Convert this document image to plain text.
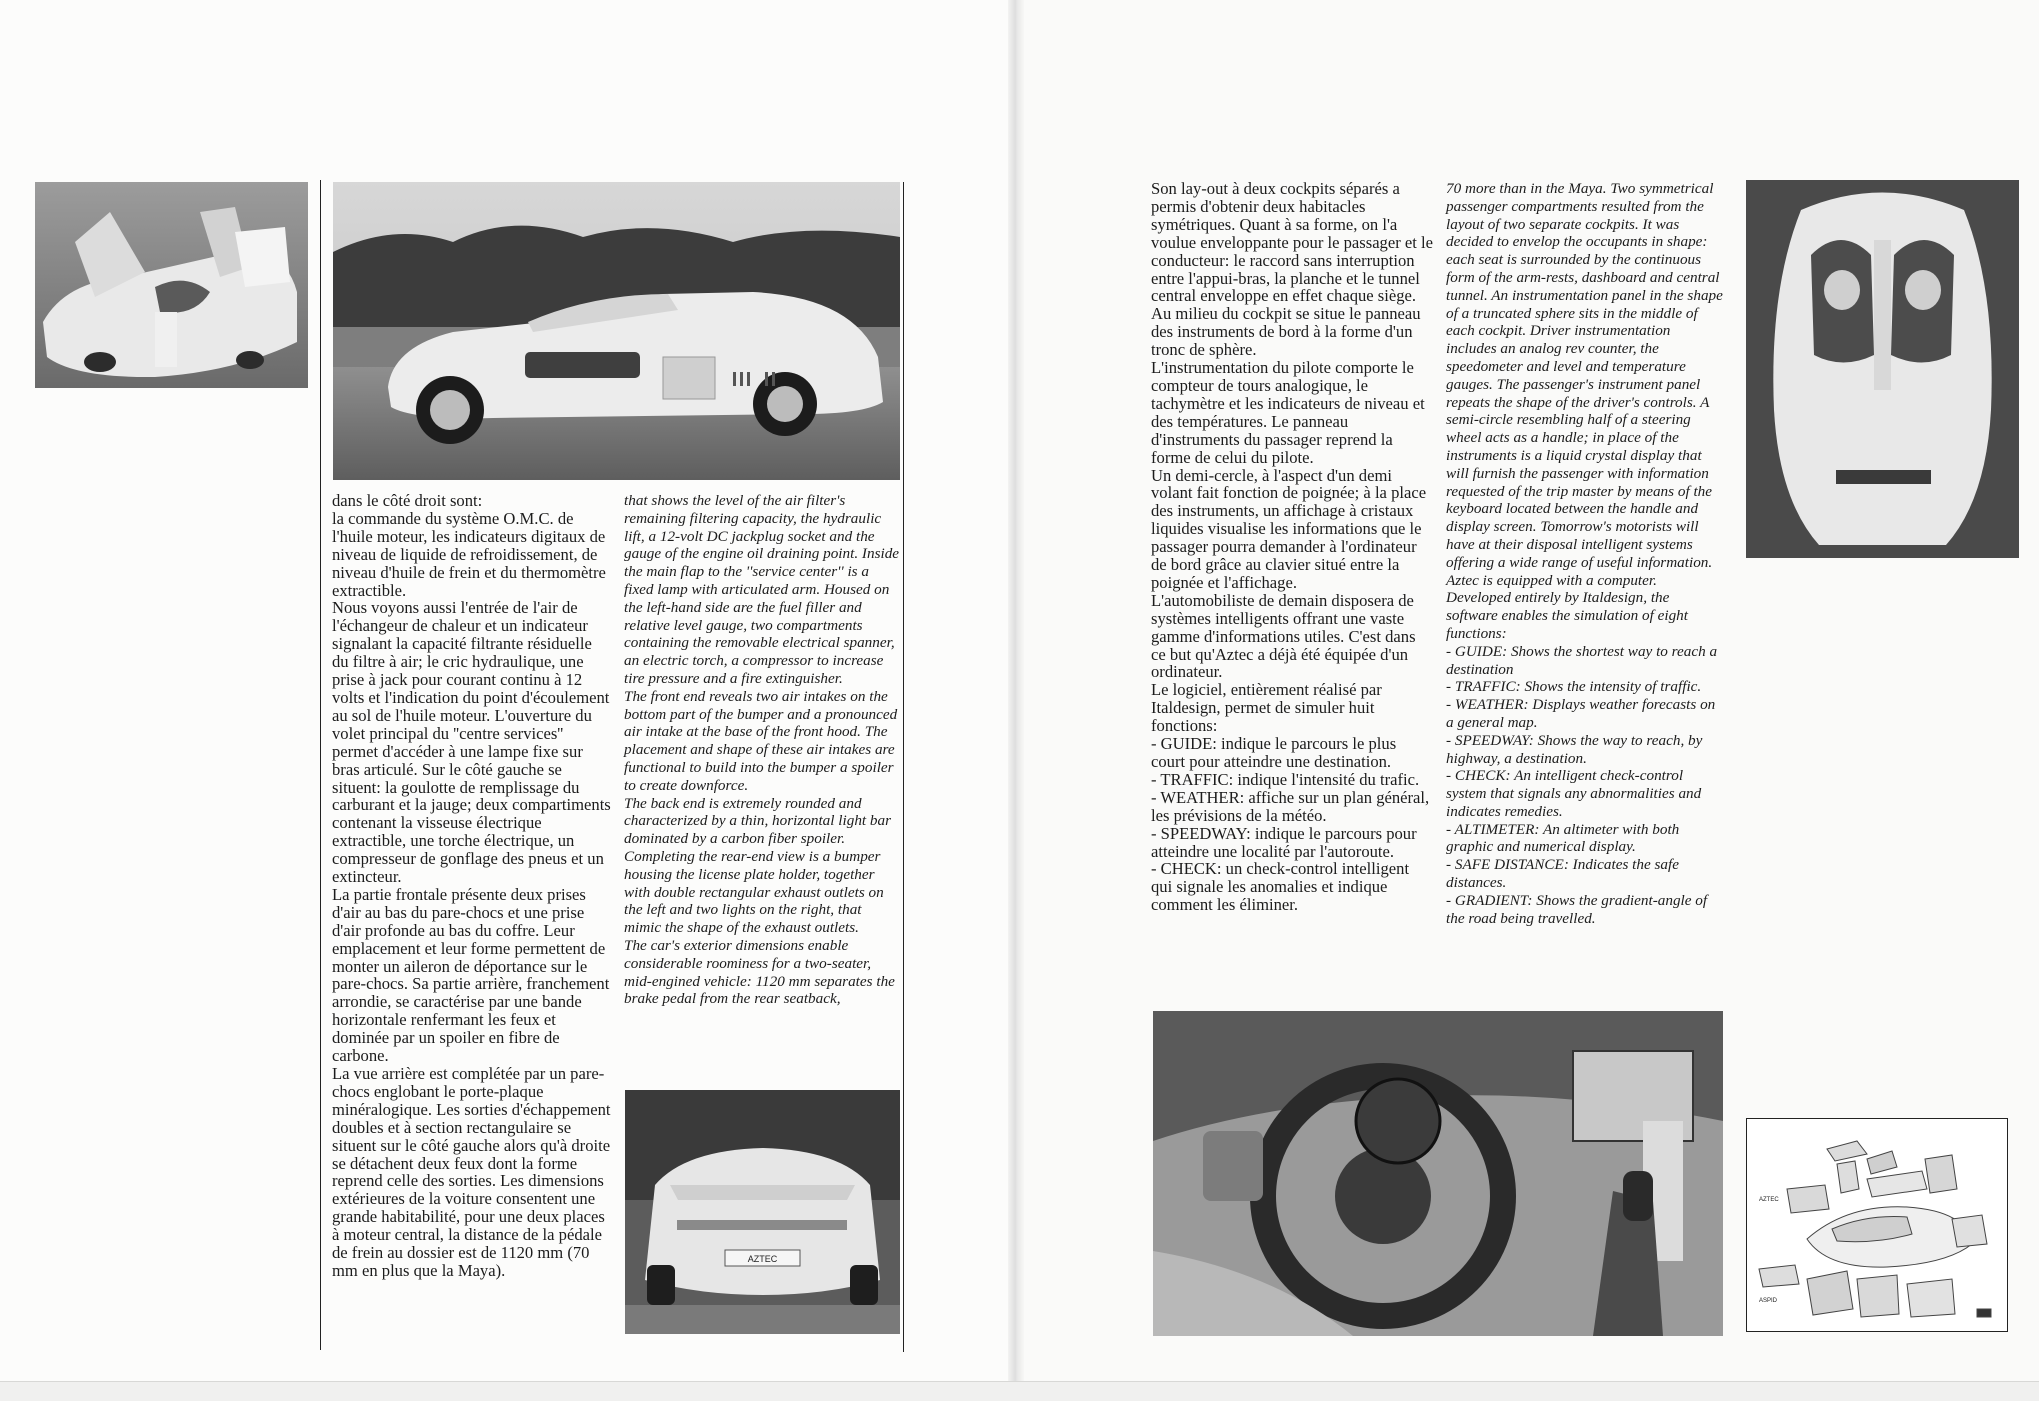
dans le côté droit sont:
la commande du système O.M.C. de l'huile moteur, les indicateurs digitaux de niveau de liquide de refroidissement, de niveau d'huile de frein et du thermomètre extractible.
Nous voyons aussi l'entrée de l'air de l'échangeur de chaleur et un indicateur signalant la capacité filtrante résiduelle du filtre à air; le cric hydraulique, une prise à jack pour courant continu à 12 volts et l'indication du point d'écoulement au sol de l'huile moteur. L'ouverture du volet principal du ''centre services'' permet d'accéder à une lampe fixe sur bras articulé. Sur le côté gauche se situent: la goulotte de remplissage du carburant et la jauge; deux compartiments contenant la visseuse électrique extractible, une torche électrique, un compresseur de gonflage des pneus et un extincteur.
La partie frontale présente deux prises d'air au bas du pare-chocs et une prise d'air profonde au bas du coffre. Leur emplacement et leur forme permettent de monter un aileron de déportance sur le pare-chocs. Sa partie arrière, franchement arrondie, se caractérise par une bande horizontale renfermant les feux et dominée par un spoiler en fibre de carbone.
La vue arrière est complétée par un pare-chocs englobant le porte-plaque minéralogique. Les sorties d'échappement doubles et à section rectangulaire se situent sur le côté gauche alors qu'à droite se détachent deux feux dont la forme reprend celle des sorties. Les dimensions extérieures de la voiture consentent une grande habitabilité, pour une deux places à moteur central, la distance de la pédale de frein au dossier est de 1120 mm (70 mm en plus que la Maya).

that shows the level of the air filter's remaining filtering capacity, the hydraulic lift, a 12-volt DC jackplug socket and the gauge of the engine oil draining point. Inside the main flap to the ''service center'' is a fixed lamp with articulated arm. Housed on the left-hand side are the fuel filler and relative level gauge, two compartments containing the removable electrical spanner, an electric torch, a compressor to increase tire pressure and a fire extinguisher.
The front end reveals two air intakes on the bottom part of the bumper and a pronounced air intake at the base of the front hood. The placement and shape of these air intakes are functional to build into the bumper a spoiler to create downforce.
The back end is extremely rounded and characterized by a thin, horizontal light bar dominated by a carbon fiber spoiler. Completing the rear-end view is a bumper housing the license plate holder, together with double rectangular exhaust outlets on the left and two lights on the right, that mimic the shape of the exhaust outlets.
The car's exterior dimensions enable considerable roominess for a two-seater, mid-engined vehicle: 1120 mm separates the brake pedal from the rear seatback,

AZTEC

Son lay-out à deux cockpits séparés a permis d'obtenir deux habitacles symétriques. Quant à sa forme, on l'a voulue enveloppante pour le passager et le conducteur: le raccord sans interruption entre l'appui-bras, la planche et le tunnel central enveloppe en effet chaque siège. Au milieu du cockpit se situe le panneau des instruments de bord à la forme d'un tronc de sphère.
L'instrumentation du pilote comporte le compteur de tours analogique, le tachymètre et les indicateurs de niveau et des températures. Le panneau d'instruments du passager reprend la forme de celui du pilote.
Un demi-cercle, à l'aspect d'un demi volant fait fonction de poignée; à la place des instruments, un affichage à cristaux liquides visualise les informations que le passager pourra demander à l'ordinateur de bord grâce au clavier situé entre la poignée et l'affichage.
L'automobiliste de demain disposera de systèmes intelligents offrant une vaste gamme d'informations utiles. C'est dans ce but qu'Aztec a déjà été équipée d'un ordinateur.
Le logiciel, entièrement réalisé par Italdesign, permet de simuler huit fonctions:
- GUIDE: indique le parcours le plus court pour atteindre une destination.
- TRAFFIC: indique l'intensité du trafic.
- WEATHER: affiche sur un plan général, les prévisions de la météo.
- SPEEDWAY: indique le parcours pour atteindre une localité par l'autoroute.
- CHECK: un check-control intelligent qui signale les anomalies et indique comment les éliminer.

70 more than in the Maya. Two symmetrical passenger compartments resulted from the layout of two separate cockpits. It was decided to envelop the occupants in shape: each seat is surrounded by the continuous form of the arm-rests, dashboard and central tunnel. An instrumentation panel in the shape of a truncated sphere sits in the middle of each cockpit. Driver instrumentation includes an analog rev counter, the speedometer and level and temperature gauges. The passenger's instrument panel repeats the shape of the driver's controls. A semi-circle resembling half of a steering wheel acts as a handle; in place of the instruments is a liquid crystal display that will furnish the passenger with information requested of the trip master by means of the keyboard located between the handle and display screen. Tomorrow's motorists will have at their disposal intelligent systems offering a wide range of useful information. Aztec is equipped with a computer.
Developed entirely by Italdesign, the software enables the simulation of eight functions:
- GUIDE: Shows the shortest way to reach a destination
- TRAFFIC: Shows the intensity of traffic.
- WEATHER: Displays weather forecasts on a general map.
- SPEEDWAY: Shows the way to reach, by highway, a destination.
- CHECK: An intelligent check-control system that signals any abnormalities and indicates remedies.
- ALTIMETER: An altimeter with both graphic and numerical display.
- SAFE DISTANCE: Indicates the safe distances.
- GRADIENT: Shows the gradient-angle of the road being travelled.

AZTEC
ASPID
